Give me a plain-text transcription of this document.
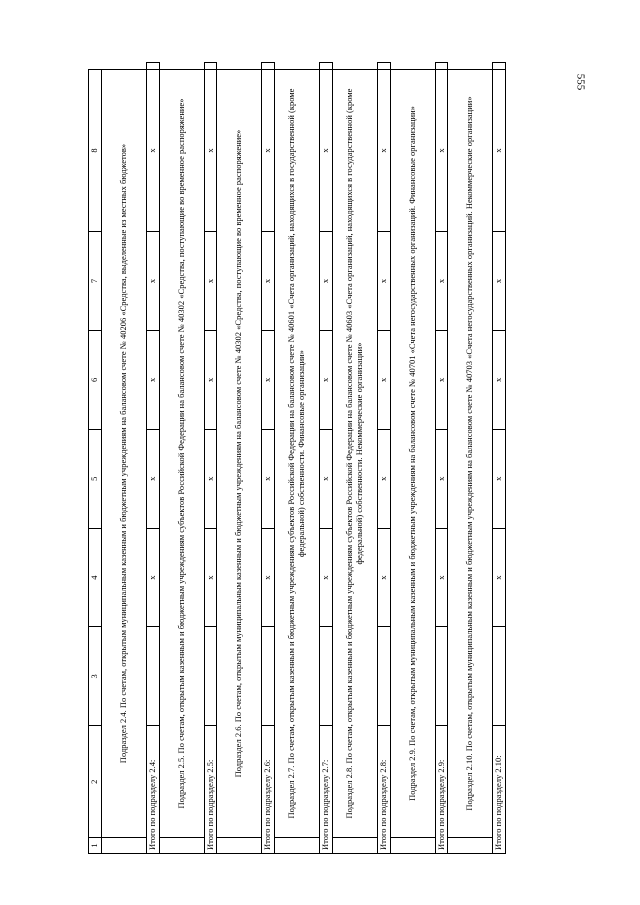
555
1	2	3	4	5	6	7	8	
	Подраздел 2.4. По счетам, открытым муниципальным казенным и бюджетным учреждениям на балансовом счете № 40206 «Средства, выделенные из местных бюджетов»							
Итого по подразделу 2.4:			x	x	x	x	x	
	Подраздел 2.5. По счетам, открытым казенным и бюджетным учреждениям субъектов Российской Федерации на балансовом счете № 40302 «Средства, поступающие во временное распоряжение»							
Итого по подразделу 2.5:			x	x	x	x	x	
	Подраздел 2.6. По счетам, открытым муниципальным казенным и бюджетным учреждениям на балансовом счете № 40302 «Средства, поступающие во временное распоряжение»							
Итого по подразделу 2.6:			x	x	x	x	x	
	Подраздел 2.7. По счетам, открытым казенным и бюджетным учреждениям субъектов Российской Федерации на балансовом счете № 40601 «Счета организаций, находящихся в государственной (кроме федеральной) собственности. Финансовые организации»							
Итого по подразделу 2.7:			x	x	x	x	x	
	Подраздел 2.8. По счетам, открытым казенным и бюджетным учреждениям субъектов Российской Федерации на балансовом счете № 40603 «Счета организаций, находящихся в государственной (кроме федеральной) собственности. Некоммерческие организации»							
Итого по подразделу 2.8:			x	x	x	x	x	
	Подраздел 2.9. По счетам, открытым муниципальным казенным и бюджетным учреждениям на балансовом счете № 40701 «Счета негосударственных организаций. Финансовые организации»							
Итого по подразделу 2.9:			x	x	x	x	x	
	Подраздел 2.10. По счетам, открытым муниципальным казенным и бюджетным учреждениям на балансовом счете № 40703 «Счета негосударственных организаций. Некоммерческие организации»							
Итого по подразделу 2.10:			x	x	x	x	x	
